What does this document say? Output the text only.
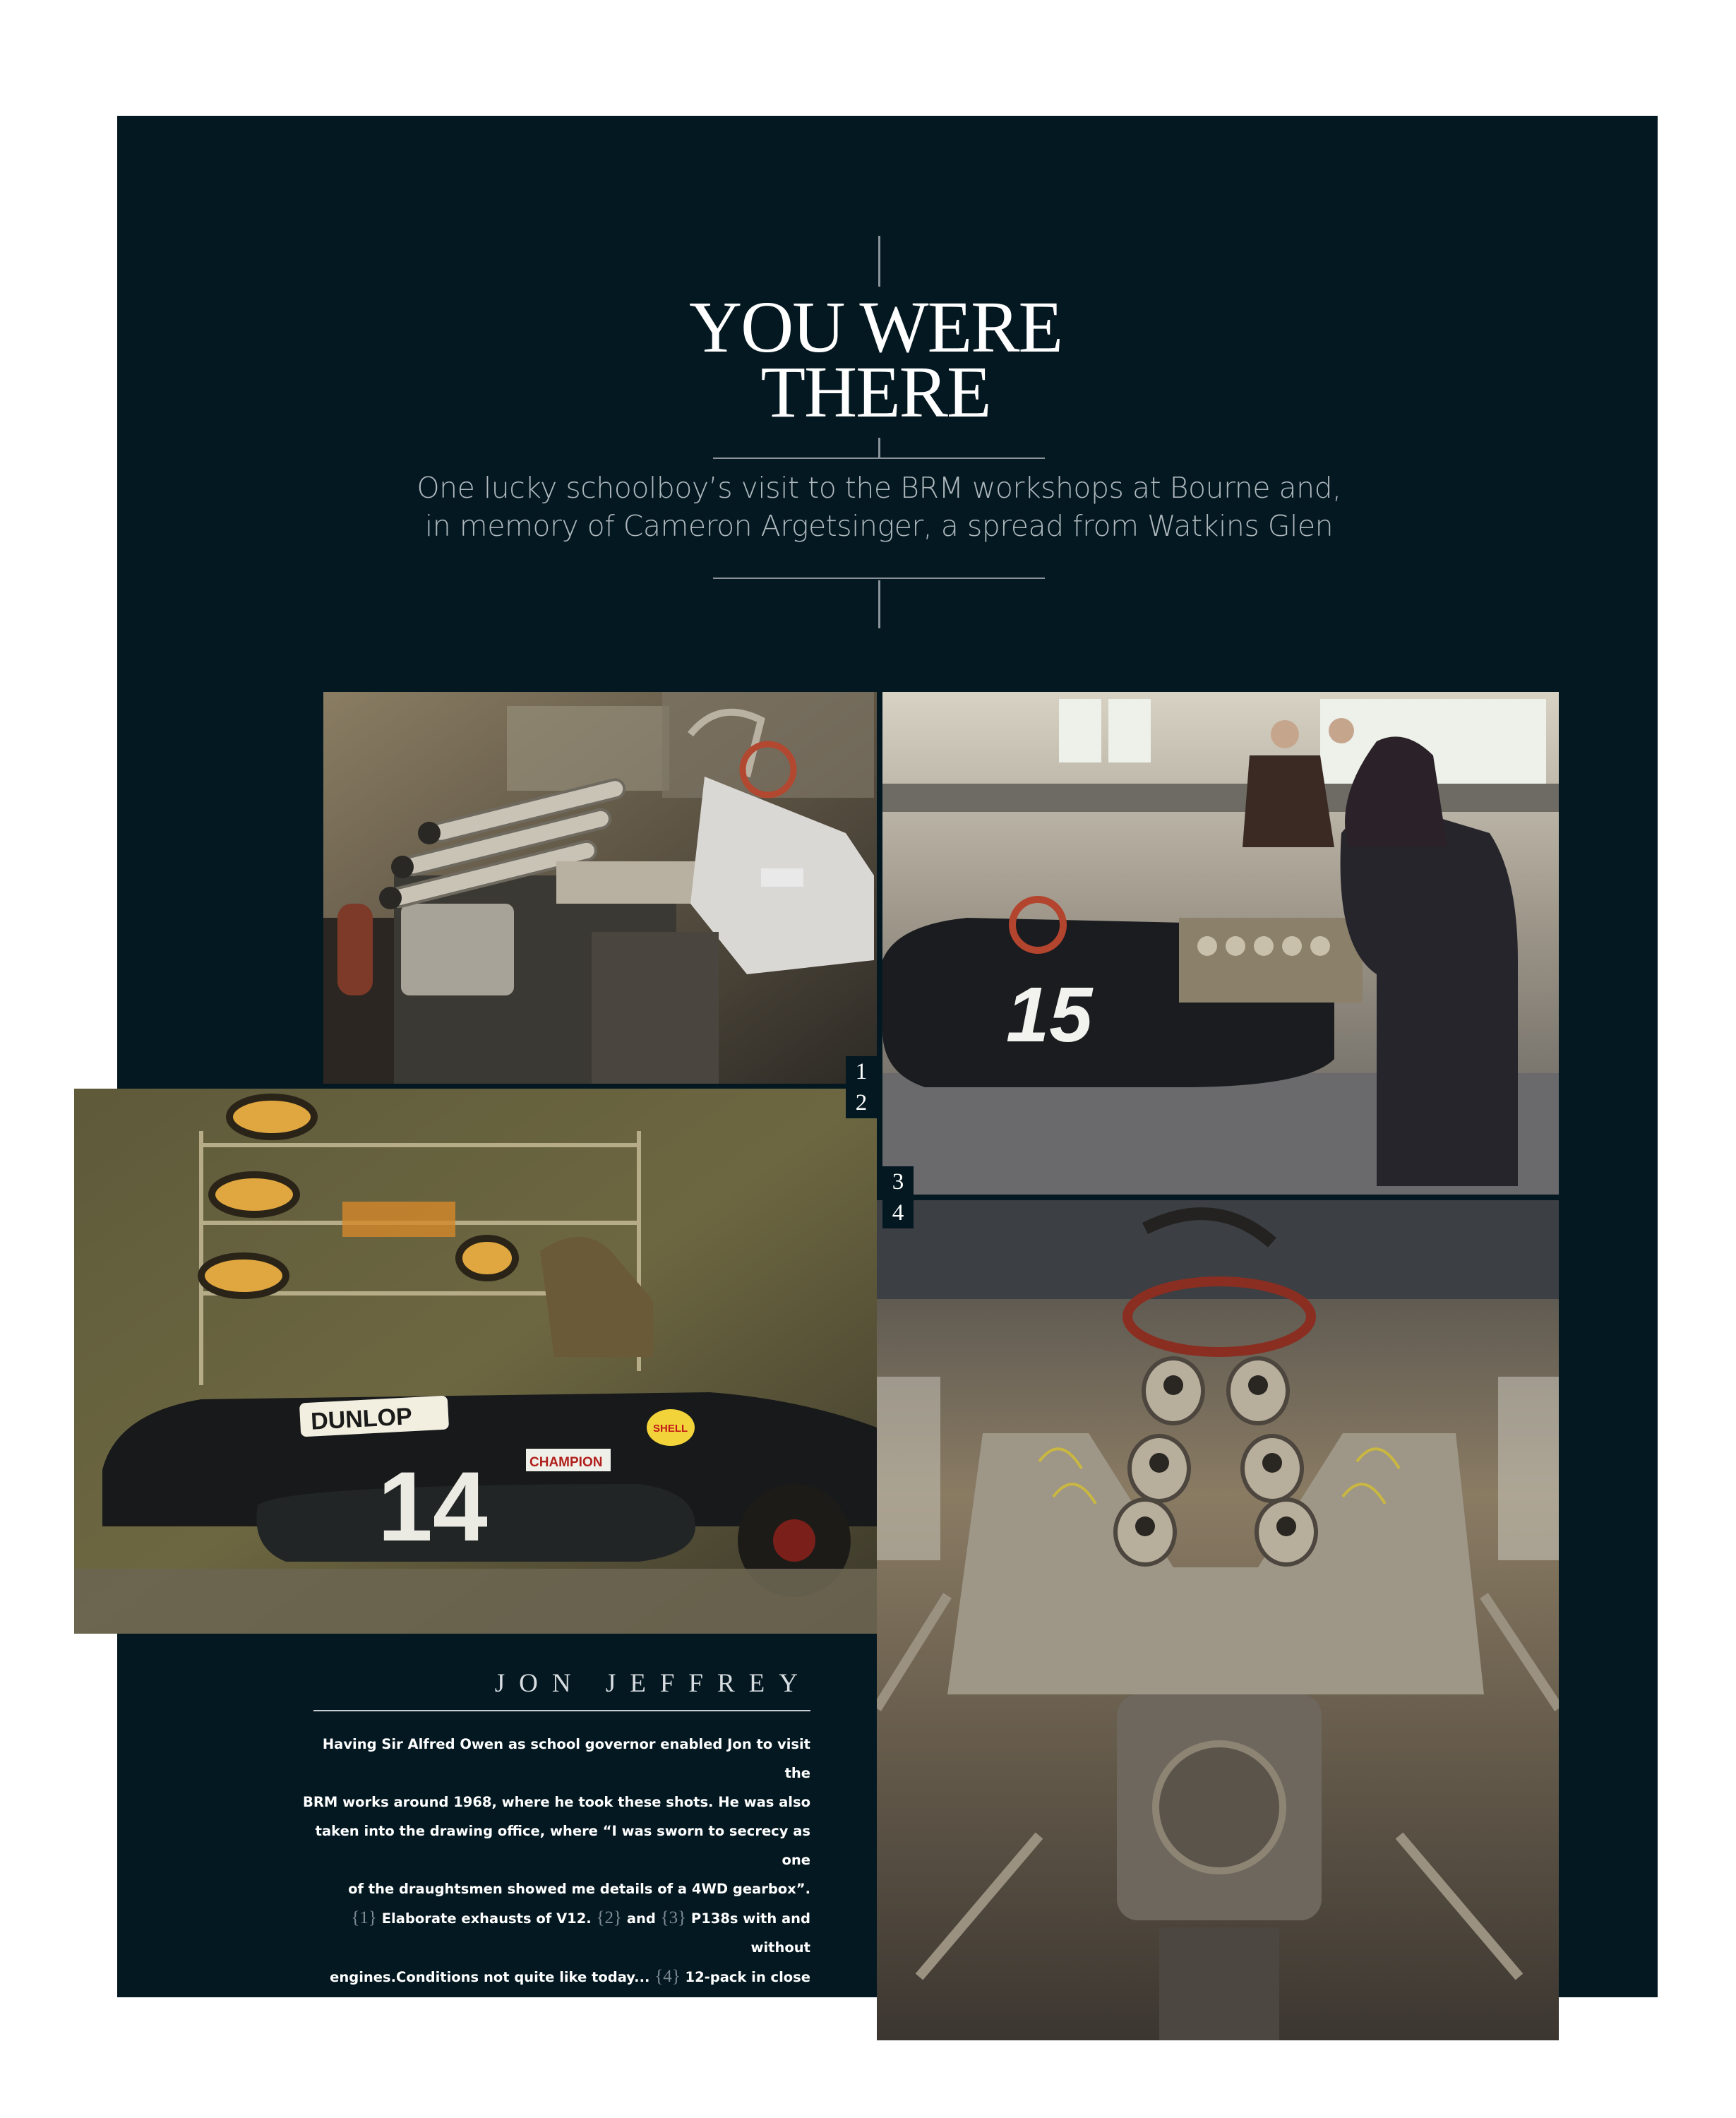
YOU WERE
THERE
One lucky schoolboy’s visit to the BRM workshops at Bourne and,
in memory of Cameron Argetsinger, a spread from Watkins Glen
15
DUNLOP
CHAMPION
SHELL
14
1
2
3
4
JON JEFFREY
Having Sir Alfred Owen as school governor enabled Jon to visit the
BRM works around 1968, where he took these shots. He was also
taken into the drawing office, where “I was sworn to secrecy as one
of the draughtsmen showed me details of a 4WD gearbox”.
{1} Elaborate exhausts of V12. {2} and {3} P138s with and without
engines.Conditions not quite like today... {4} 12-pack in close up.
